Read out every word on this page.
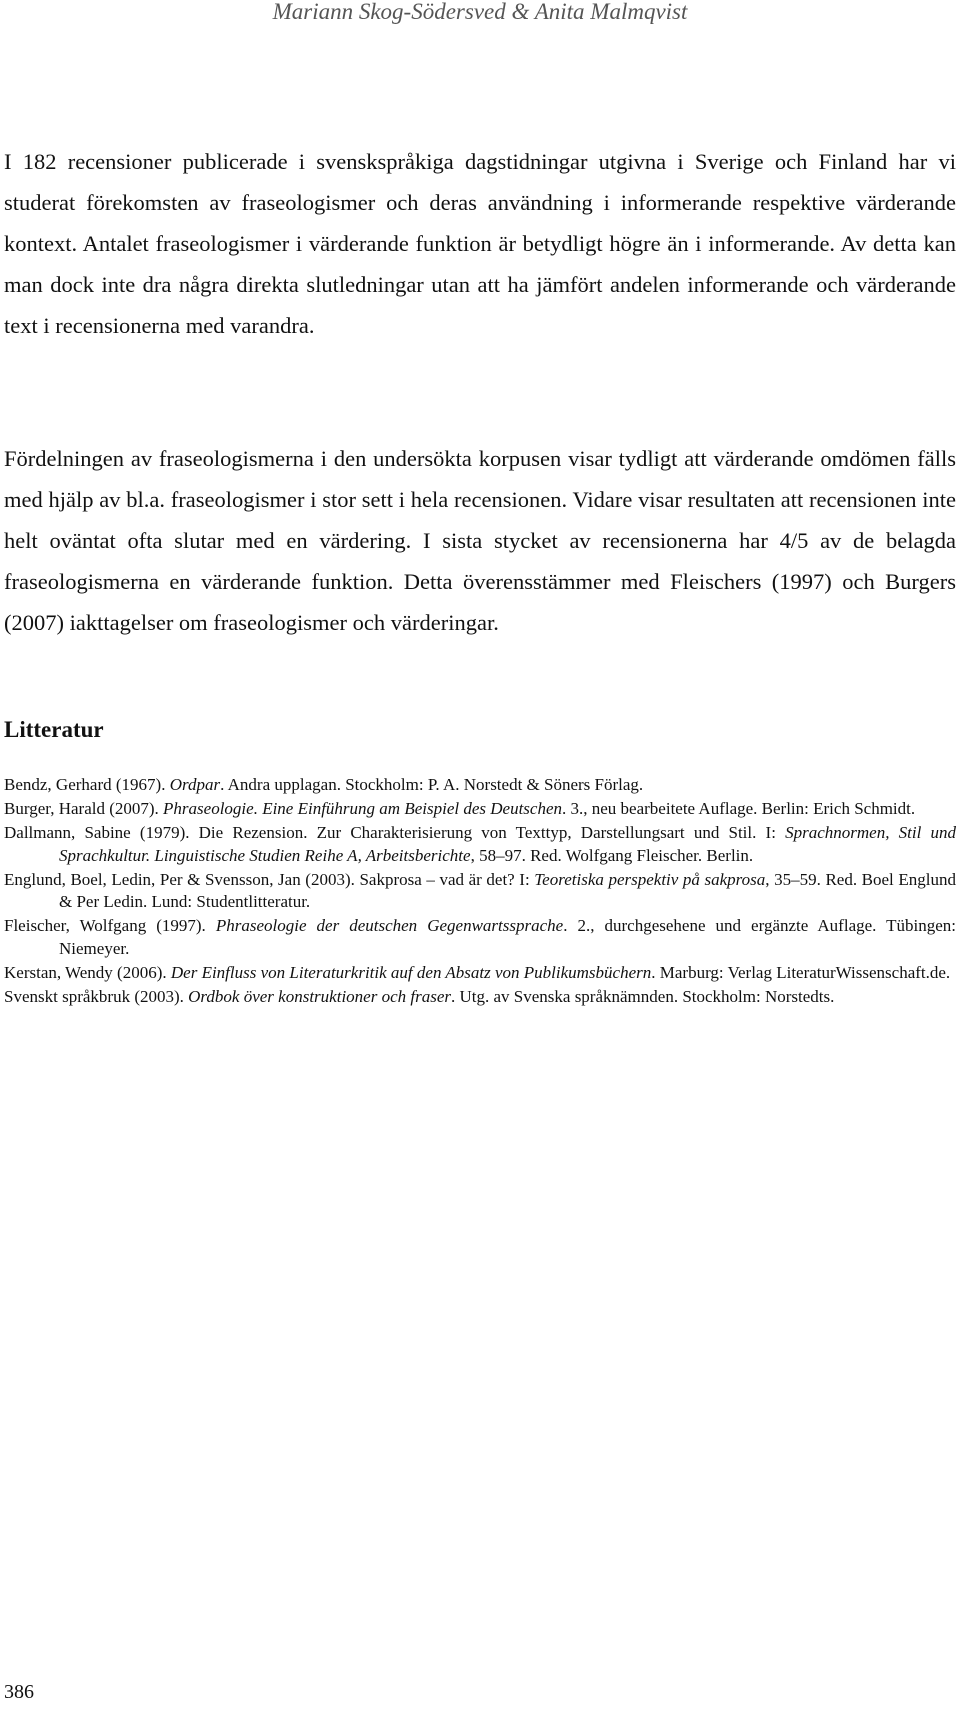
Mariann Skog-Södersved & Anita Malmqvist

I 182 recensioner publicerade i svenskspråkiga dagstidningar utgivna i Sverige och Finland har vi studerat förekomsten av fraseologismer och deras användning i informerande respektive värderande kontext. Antalet fraseologismer i värderande funktion är betydligt högre än i informerande. Av detta kan man dock inte dra några direkta slutledningar utan att ha jämfört andelen informerande och värderande text i recensionerna med varandra.

Fördelningen av fraseologismerna i den undersökta korpusen visar tydligt att värderande omdömen fälls med hjälp av bl.a. fraseologismer i stor sett i hela recensionen. Vidare visar resultaten att recensionen inte helt oväntat ofta slutar med en värdering. I sista stycket av recensionerna har 4/5 av de belagda fraseologismerna en värderande funktion. Detta överensstämmer med Fleischers (1997) och Burgers (2007) iakttagelser om fraseologismer och värderingar.

Litteratur
Bendz, Gerhard (1967). Ordpar. Andra upplagan. Stockholm: P. A. Norstedt & Söners Förlag.
Burger, Harald (2007). Phraseologie. Eine Einführung am Beispiel des Deutschen. 3., neu bearbeitete Auflage. Berlin: Erich Schmidt.
Dallmann, Sabine (1979). Die Rezension. Zur Charakterisierung von Texttyp, Darstellungsart und Stil. I: Sprachnormen, Stil und Sprachkultur. Linguistische Studien Reihe A, Arbeitsberichte, 58–97. Red. Wolfgang Fleischer. Berlin.
Englund, Boel, Ledin, Per & Svensson, Jan (2003). Sakprosa – vad är det? I: Teoretiska perspektiv på sakprosa, 35–59. Red. Boel Englund & Per Ledin. Lund: Studentlitteratur.
Fleischer, Wolfgang (1997). Phraseologie der deutschen Gegenwartssprache. 2., durchgesehene und ergänzte Auflage. Tübingen: Niemeyer.
Kerstan, Wendy (2006). Der Einfluss von Literaturkritik auf den Absatz von Publikumsbüchern. Marburg: Verlag LiteraturWissenschaft.de.
Svenskt språkbruk (2003). Ordbok över konstruktioner och fraser. Utg. av Svenska språknämnden. Stockholm: Norstedts.
386
